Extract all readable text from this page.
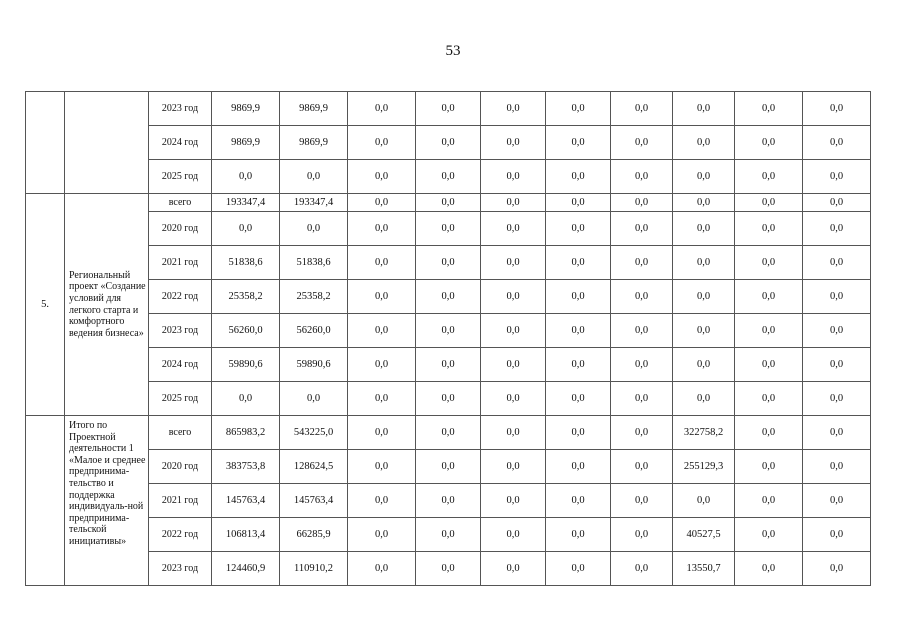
53
		2023 год	9869,9	9869,9	0,0	0,0	0,0	0,0	0,0	0,0	0,0	0,0
		2024 год	9869,9	9869,9	0,0	0,0	0,0	0,0	0,0	0,0	0,0	0,0
		2025 год	0,0	0,0	0,0	0,0	0,0	0,0	0,0	0,0	0,0	0,0
5.	Региональный проект «Создание условий для легкого старта и комфортного ведения бизнеса»	всего	193347,4	193347,4	0,0	0,0	0,0	0,0	0,0	0,0	0,0	0,0
		2020 год	0,0	0,0	0,0	0,0	0,0	0,0	0,0	0,0	0,0	0,0
		2021 год	51838,6	51838,6	0,0	0,0	0,0	0,0	0,0	0,0	0,0	0,0
		2022 год	25358,2	25358,2	0,0	0,0	0,0	0,0	0,0	0,0	0,0	0,0
		2023 год	56260,0	56260,0	0,0	0,0	0,0	0,0	0,0	0,0	0,0	0,0
		2024 год	59890,6	59890,6	0,0	0,0	0,0	0,0	0,0	0,0	0,0	0,0
		2025 год	0,0	0,0	0,0	0,0	0,0	0,0	0,0	0,0	0,0	0,0
	Итого по Проектной деятельности 1 «Малое и среднее предпринима-тельство и поддержка индивидуаль-ной предпринима-тельской инициативы»	всего	865983,2	543225,0	0,0	0,0	0,0	0,0	0,0	322758,2	0,0	0,0
		2020 год	383753,8	128624,5	0,0	0,0	0,0	0,0	0,0	255129,3	0,0	0,0
		2021 год	145763,4	145763,4	0,0	0,0	0,0	0,0	0,0	0,0	0,0	0,0
		2022 год	106813,4	66285,9	0,0	0,0	0,0	0,0	0,0	40527,5	0,0	0,0
		2023 год	124460,9	110910,2	0,0	0,0	0,0	0,0	0,0	13550,7	0,0	0,0
